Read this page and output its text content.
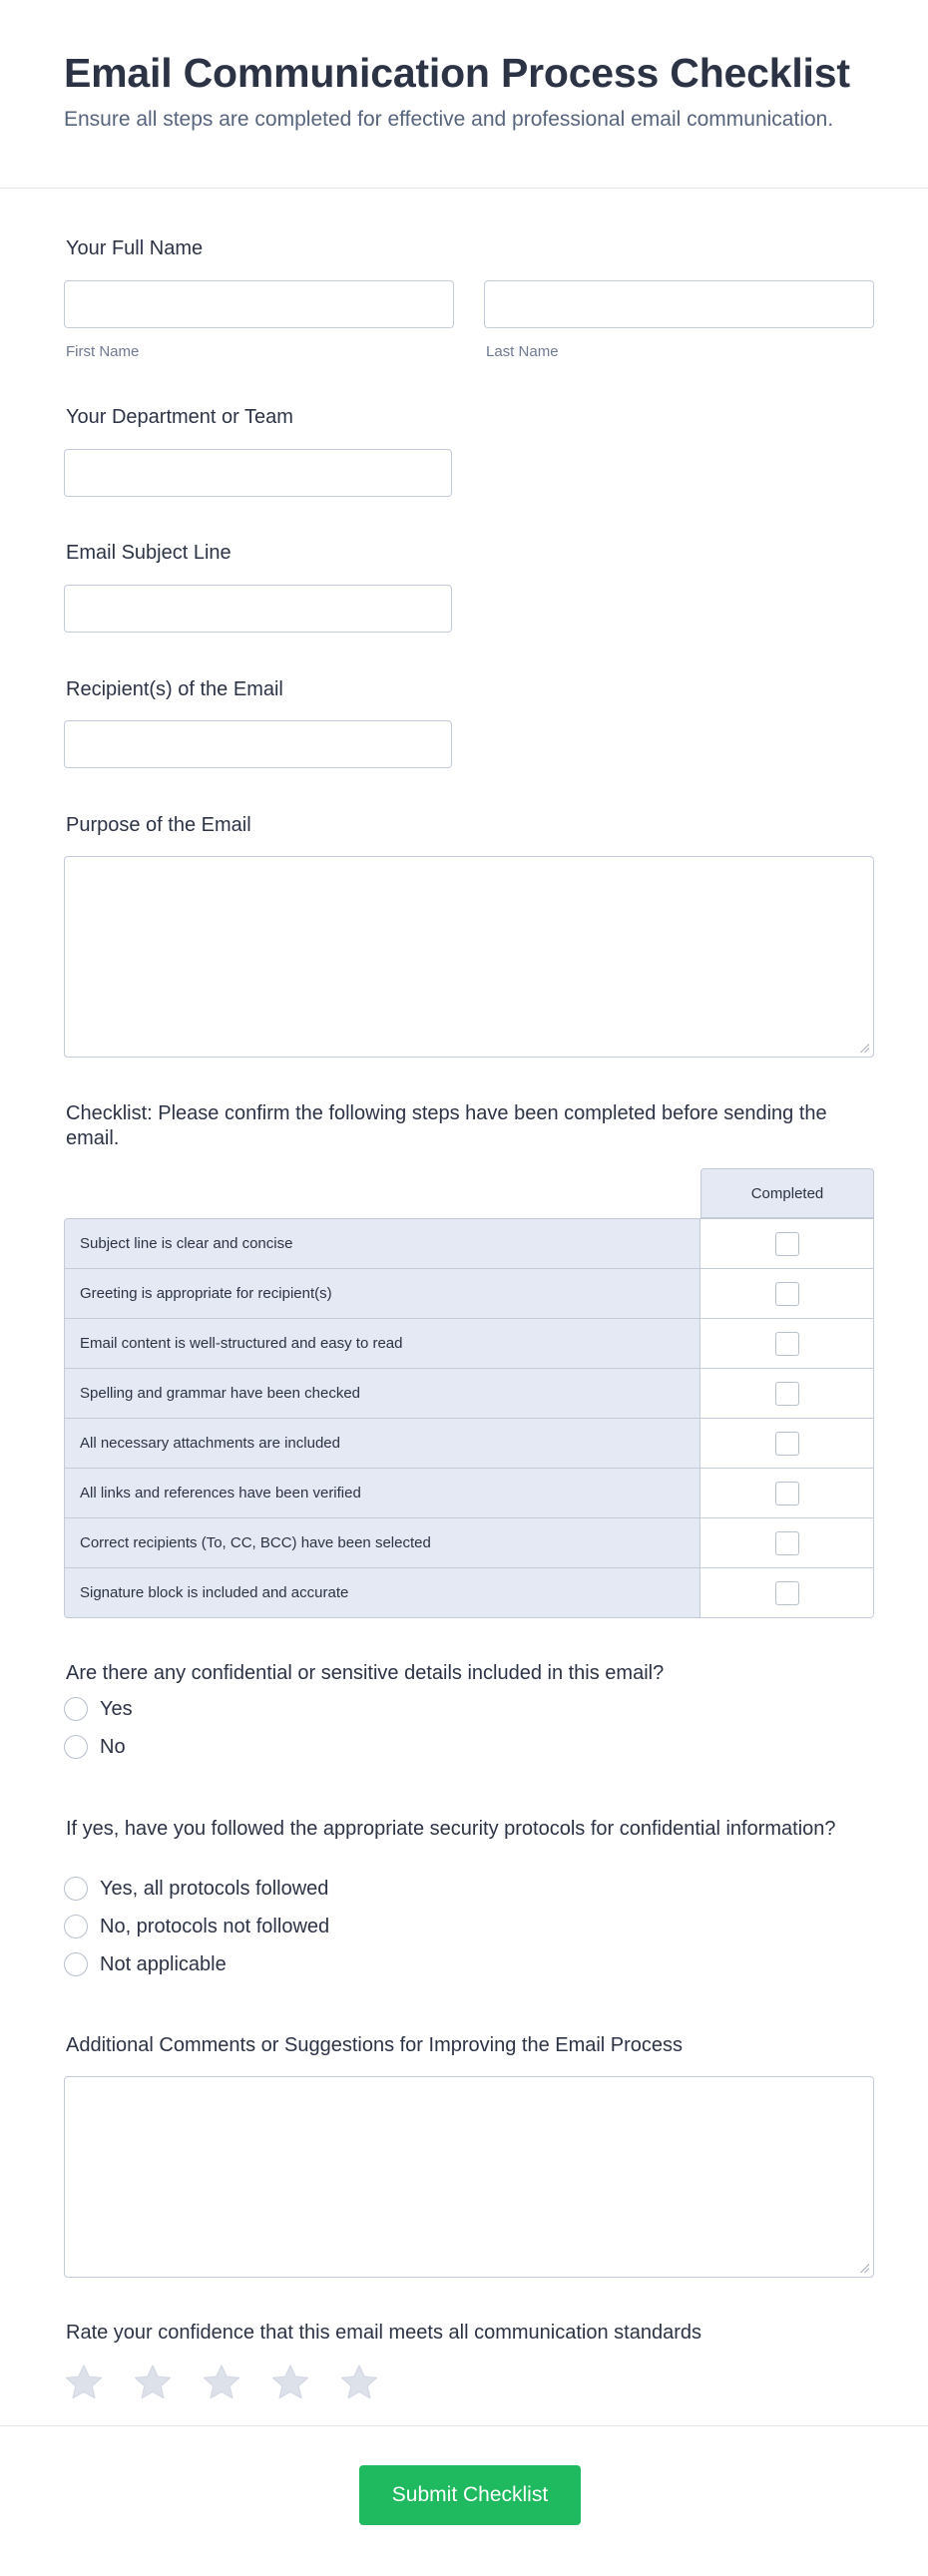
Email Communication Process Checklist

Ensure all steps are completed for effective and professional email communication.

Your Full Name
First Name	Last Name
Your Department or Team
Email Subject Line
Recipient(s) of the Email
Purpose of the Email

Checklist: Please confirm the following steps have been completed before sending the email.

Completed
Subject line is clear and concise
Greeting is appropriate for recipient(s)
Email content is well-structured and easy to read
Spelling and grammar have been checked
All necessary attachments are included
All links and references have been verified
Correct recipients (To, CC, BCC) have been selected
Signature block is included and accurate

Are there any confidential or sensitive details included in this email?

Yes
No

If yes, have you followed the appropriate security protocols for confidential information?

Yes, all protocols followed
No, protocols not followed
Not applicable
Additional Comments or Suggestions for Improving the Email Process
Rate your confidence that this email meets all communication standards
Submit Checklist
